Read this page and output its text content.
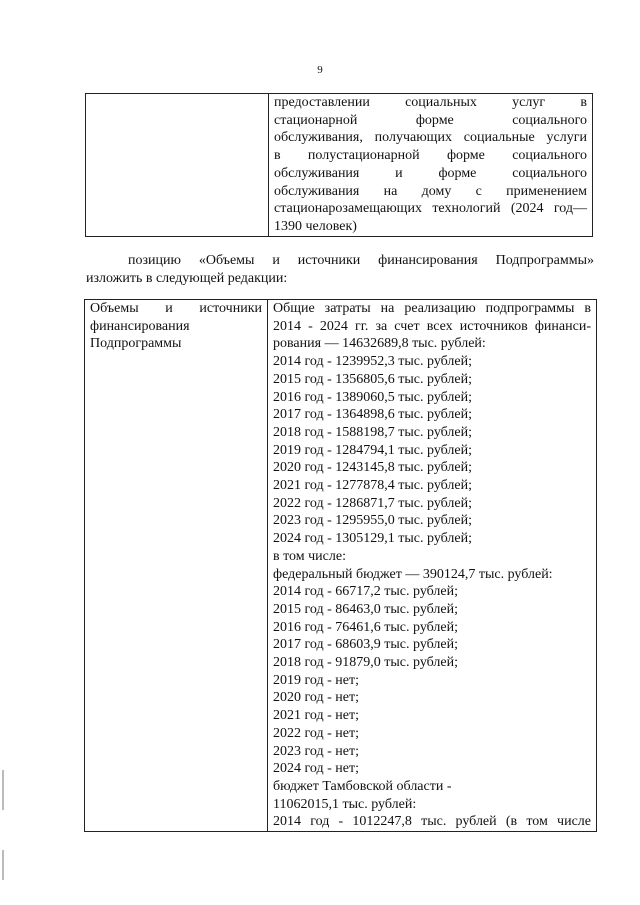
9

предоставлении социальных услуг в
стационарной форме социального
обслуживания, получающих социальные услуги
в полустационарной форме социального
обслуживания и форме социального
обслуживания на дому с применением
стационарозамещающих технологий (2024 год—
1390 человек)
позицию «Объемы и источники финансирования Подпрограммы»
изложить в следующей редакции:
Объемы и источники
финансирования
Подпрограммы

Общие затраты на реализацию подпрограммы в
2014 - 2024 гг. за счет всех источников финанси-
рования — 14632689,8 тыс. рублей:
2014 год - 1239952,3 тыс. рублей;
2015 год - 1356805,6 тыс. рублей;
2016 год - 1389060,5 тыс. рублей;
2017 год - 1364898,6 тыс. рублей;
2018 год - 1588198,7 тыс. рублей;
2019 год - 1284794,1 тыс. рублей;
2020 год - 1243145,8 тыс. рублей;
2021 год - 1277878,4 тыс. рублей;
2022 год - 1286871,7 тыс. рублей;
2023 год - 1295955,0 тыс. рублей;
2024 год - 1305129,1 тыс. рублей;
в том числе:
федеральный бюджет — 390124,7 тыс. рублей:
2014 год - 66717,2 тыс. рублей;
2015 год - 86463,0 тыс. рублей;
2016 год - 76461,6 тыс. рублей;
2017 год - 68603,9 тыс. рублей;
2018 год - 91879,0 тыс. рублей;
2019 год - нет;
2020 год - нет;
2021 год - нет;
2022 год - нет;
2023 год - нет;
2024 год - нет;
бюджет Тамбовской области -
11062015,1 тыс. рублей:
2014 год - 1012247,8 тыс. рублей (в том числе
